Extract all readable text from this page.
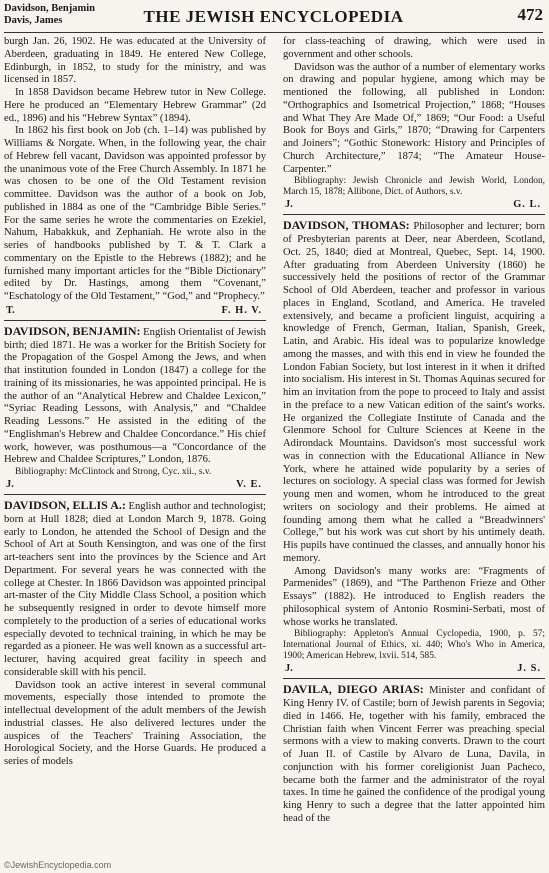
Davidson, Benjamin
Davis, James	THE JEWISH ENCYCLOPEDIA	472

burgh Jan. 26, 1902. He was educated at the University of Aberdeen, graduating in 1849. He entered New College, Edinburgh, in 1852, to study for the ministry, and was licensed in 1857.

In 1858 Davidson became Hebrew tutor in New College. Here he produced an “Elementary Hebrew Grammar” (2d ed., 1896) and his “Hebrew Syntax” (1894).

In 1862 his first book on Job (ch. 1–14) was published by Williams & Norgate. When, in the following year, the chair of Hebrew fell vacant, Davidson was appointed professor by the unanimous vote of the Free Church Assembly. In 1871 he was chosen to be one of the Old Testament revision committee. Davidson was the author of a book on Job, published in 1884 as one of the “Cambridge Bible Series.” For the same series he wrote the commentaries on Ezekiel, Nahum, Habakkuk, and Zephaniah. He wrote also in the series of handbooks published by T. & T. Clark a commentary on the Epistle to the Hebrews (1882); and he furnished many important articles for the “Bible Dictionary” edited by Dr. Hastings, among them “Covenant,” “Eschatology of the Old Testament,” “God,” and “Prophecy.”

T.	F. H. V.

DAVIDSON, BENJAMIN: English Orientalist of Jewish birth; died 1871. He was a worker for the British Society for the Propagation of the Gospel Among the Jews, and when that institution founded in London (1847) a college for the training of its missionaries, he was appointed principal. He is the author of an “Analytical Hebrew and Chaldee Lexicon,” “Syriac Reading Lessons, with Analysis,” and “Chaldee Reading Lessons.” He assisted in the editing of the “Englishman's Hebrew and Chaldee Concordance.” His chief work, however, was posthumous—a “Concordance of the Hebrew and Chaldee Scriptures,” London, 1876.

Bibliography: McClintock and Strong, Cyc. xii., s.v.

J.	V. E.

DAVIDSON, ELLIS A.: English author and technologist; born at Hull 1828; died at London March 9, 1878. Going early to London, he attended the School of Design and the School of Art at South Kensington, and was one of the first art-teachers sent into the provinces by the Science and Art Department. For several years he was connected with the college at Chester. In 1866 Davidson was appointed principal art-master of the City Middle Class School, a position which he subsequently resigned in order to devote himself more completely to the production of a series of educational works especially devoted to technical training, in which he may be regarded as a pioneer. He was well known as a successful art-lecturer, having acquired great facility in speech and considerable skill with his pencil.

Davidson took an active interest in several communal movements, especially those intended to promote the intellectual development of the adult members of the Jewish industrial classes. He also delivered lectures under the auspices of the Teachers' Training Association, the Horological Society, and the Horse Guards. He produced a series of models

for class-teaching of drawing, which were used in government and other schools.

Davidson was the author of a number of elementary works on drawing and popular hygiene, among which may be mentioned the following, all published in London: “Orthographics and Isometrical Projection,” 1868; “Houses and What They Are Made Of,” 1869; “Our Food: a Useful Book for Boys and Girls,” 1870; “Drawing for Carpenters and Joiners”; “Gothic Stonework: History and Principles of Church Architecture,” 1874; “The Amateur House-Carpenter.”

Bibliography: Jewish Chronicle and Jewish World, London, March 15, 1878; Allibone, Dict. of Authors, s.v.

J.	G. L.

DAVIDSON, THOMAS: Philosopher and lecturer; born of Presbyterian parents at Deer, near Aberdeen, Scotland, Oct. 25, 1840; died at Montreal, Quebec, Sept. 14, 1900. After graduating from Aberdeen University (1860) he successively held the positions of rector of the Grammar School of Old Aberdeen, teacher and professor in various places in England, Scotland, and America. He traveled extensively, and became a proficient linguist, acquiring a knowledge of French, German, Italian, Spanish, Greek, Latin, and Arabic. His ideal was to popularize knowledge among the masses, and with this end in view he founded the London Fabian Society, but lost interest in it when it drifted into socialism. His interest in St. Thomas Aquinas secured for him an invitation from the pope to proceed to Italy and assist in the preface to a new Vatican edition of the saint's works. He organized the Collegiate Institute of Canada and the Glenmore School for Culture Sciences at Keene in the Adirondack Mountains. Davidson's most successful work was in connection with the Educational Alliance in New York, where he attained wide popularity by a series of lectures on sociology. A special class was formed for Jewish young men and women, whom he introduced to the great writers on sociology and their problems. He aimed at founding among them what he called a “Breadwinners' College,” but his work was cut short by his untimely death. His pupils have continued the classes, and annually honor his memory.

Among Davidson's many works are: “Fragments of Parmenides” (1869), and “The Parthenon Frieze and Other Essays” (1882). He introduced to English readers the philosophical system of Antonio Rosmini-Serbati, most of whose works he translated.

Bibliography: Appleton's Annual Cyclopedia, 1900, p. 57; International Journal of Ethics, xi. 440; Who's Who in America, 1900; American Hebrew, lxvii. 514, 585.

J.	J. S.

DAVILA, DIEGO ARIAS: Minister and confidant of King Henry IV. of Castile; born of Jewish parents in Segovia; died in 1466. He, together with his family, embraced the Christian faith when Vincent Ferrer was preaching special sermons with a view to making converts. Drawn to the court of Juan II. of Castile by Alvaro de Luna, Davila, in conjunction with his former coreligionist Juan Pacheco, became both the farmer and the administrator of the royal taxes. In time he gained the confidence of the prodigal young king Henry to such a degree that the latter appointed him head of the

©JewishEncyclopedia.com
